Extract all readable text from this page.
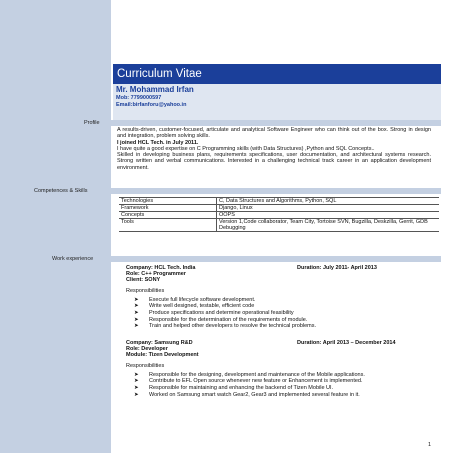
Curriculum Vitae
Mr. Mohammad Irfan
Mob: 7799000597
Email:birfanforu@yahoo.in
Profile
A results-driven, customer-focused, articulate and analytical Software Engineer who can think out of the box. Strong in design and integration, problem solving skills.
I joined HCL Tech. in July 2011.
I have quite a good expertise on C Programming skills (with Data Structures) ,Python and SQL Concepts..
Skilled in developing business plans, requirements specifications, user documentation, and architectural systems research. Strong written and verbal communications. Interested in a challenging technical track career in an application development environment.
Competences & Skills
Technologies	C, Data Structures and Algorithms, Python, SQL
Framework	Django, Linux
Concepts	OOPS
Tools	Version 1,Code collaborator, Team City, Tortoise SVN, Bugzilla, Deskzilla, Gerrit, GDB Debugging
Work experience
Company: HCL Tech. India	Duration: July 2011- April 2013
Role: C++ Programmer
Client: SONY
Responsibilities
➤ Execute full lifecycle software development.
➤ Write well designed, testable, efficient code
➤ Produce specifications and determine operational feasibility
➤ Responsible for the determination of the requirements of module.
➤ Train and helped other developers to resolve the technical problems.
Company: Samsung R&D	Duration: April 2013 – December 2014
Role: Developer
Module: Tizen Development
Responsibilities
➤ Responsible for the designing, development and maintenance of the Mobile applications.
➤ Contribute to EFL Open source whenever new feature or Enhancement is implemented.
➤ Responsible for maintaining and enhancing the backend of Tizen Mobile UI.
➤ Worked on Samsung smart watch Gear2, Gear3 and implemented several feature in it.
1
